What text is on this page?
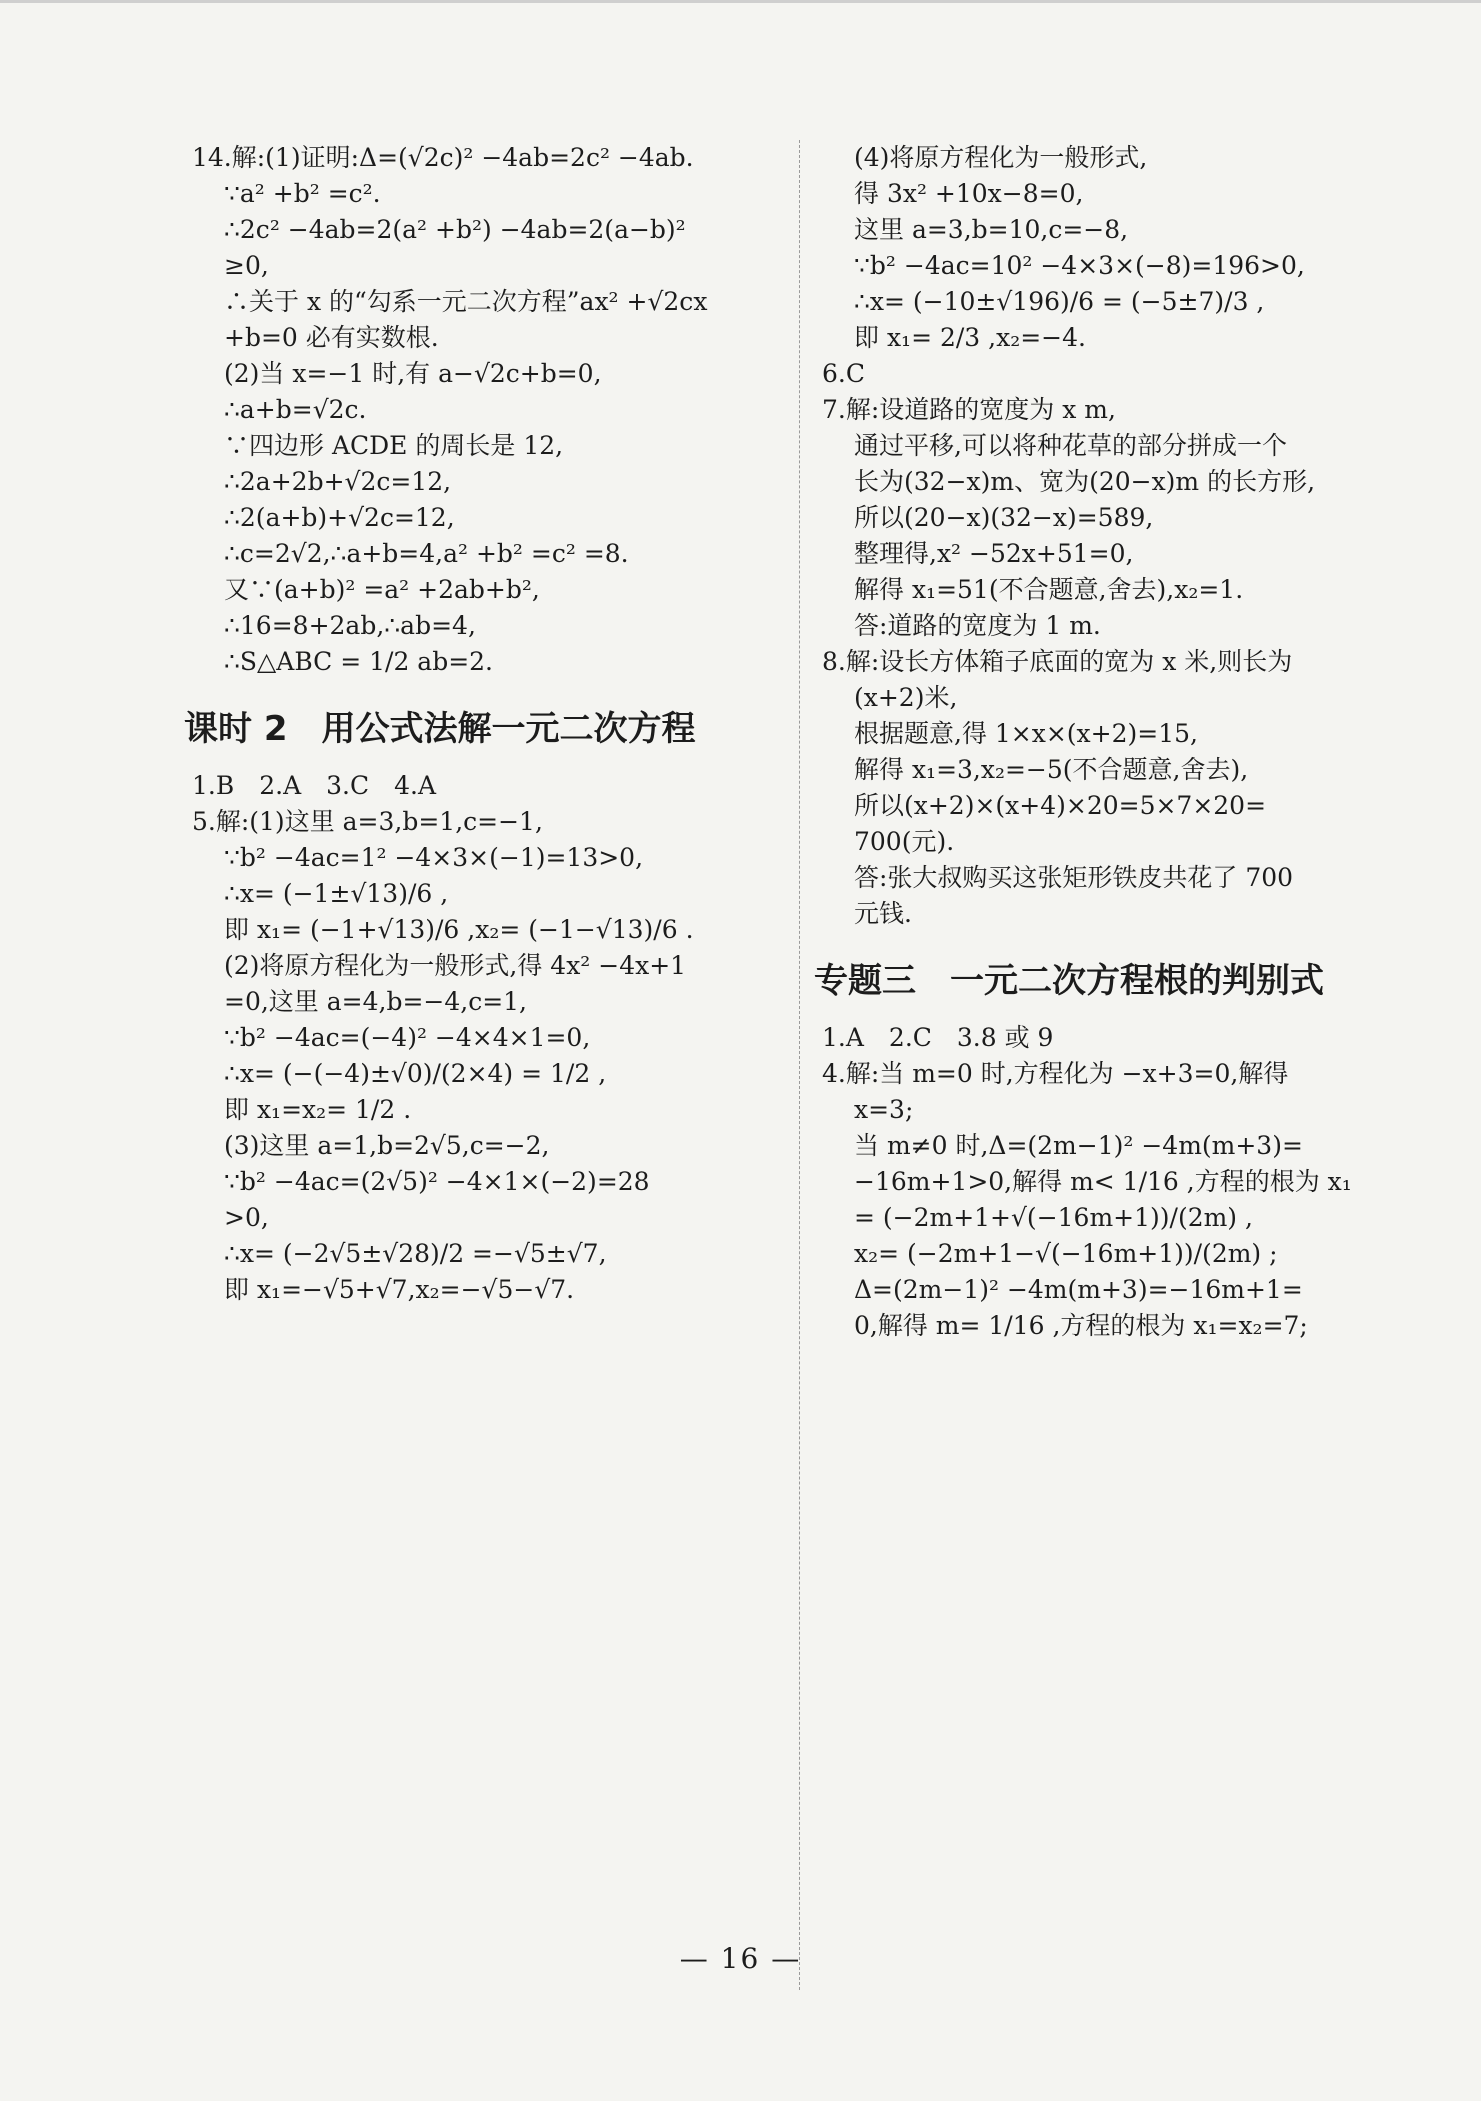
14.解:(1)证明:Δ=(√2c)² −4ab=2c² −4ab.
∵a² +b² =c².
∴2c² −4ab=2(a² +b²) −4ab=2(a−b)²
≥0,
∴关于 x 的“勾系一元二次方程”ax² +√2cx
+b=0 必有实数根.
(2)当 x=−1 时,有 a−√2c+b=0,
∴a+b=√2c.
∵四边形 ACDE 的周长是 12,
∴2a+2b+√2c=12,
∴2(a+b)+√2c=12,
∴c=2√2,∴a+b=4,a² +b² =c² =8.
又∵(a+b)² =a² +2ab+b²,
∴16=8+2ab,∴ab=4,
∴S△ABC = 1/2 ab=2.
课时 2　用公式法解一元二次方程
1.B　2.A　3.C　4.A
5.解:(1)这里 a=3,b=1,c=−1,
∵b² −4ac=1² −4×3×(−1)=13>0,
∴x= (−1±√13)/6 ,
即 x₁= (−1+√13)/6 ,x₂= (−1−√13)/6 .
(2)将原方程化为一般形式,得 4x² −4x+1
=0,这里 a=4,b=−4,c=1,
∵b² −4ac=(−4)² −4×4×1=0,
∴x= (−(−4)±√0)/(2×4) = 1/2 ,
即 x₁=x₂= 1/2 .
(3)这里 a=1,b=2√5,c=−2,
∵b² −4ac=(2√5)² −4×1×(−2)=28
>0,
∴x= (−2√5±√28)/2 =−√5±√7,
即 x₁=−√5+√7,x₂=−√5−√7.
(4)将原方程化为一般形式,
得 3x² +10x−8=0,
这里 a=3,b=10,c=−8,
∵b² −4ac=10² −4×3×(−8)=196>0,
∴x= (−10±√196)/6 = (−5±7)/3 ,
即 x₁= 2/3 ,x₂=−4.
6.C
7.解:设道路的宽度为 x m,
通过平移,可以将种花草的部分拼成一个
长为(32−x)m、宽为(20−x)m 的长方形,
所以(20−x)(32−x)=589,
整理得,x² −52x+51=0,
解得 x₁=51(不合题意,舍去),x₂=1.
答:道路的宽度为 1 m.
8.解:设长方体箱子底面的宽为 x 米,则长为
(x+2)米,
根据题意,得 1×x×(x+2)=15,
解得 x₁=3,x₂=−5(不合题意,舍去),
所以(x+2)×(x+4)×20=5×7×20=
700(元).
答:张大叔购买这张矩形铁皮共花了 700
元钱.
专题三　一元二次方程根的判别式
1.A　2.C　3.8 或 9
4.解:当 m=0 时,方程化为 −x+3=0,解得
x=3;
当 m≠0 时,Δ=(2m−1)² −4m(m+3)=
−16m+1>0,解得 m< 1/16 ,方程的根为 x₁
= (−2m+1+√(−16m+1))/(2m) ,
x₂= (−2m+1−√(−16m+1))/(2m) ;
Δ=(2m−1)² −4m(m+3)=−16m+1=
0,解得 m= 1/16 ,方程的根为 x₁=x₂=7;
— 16 —
